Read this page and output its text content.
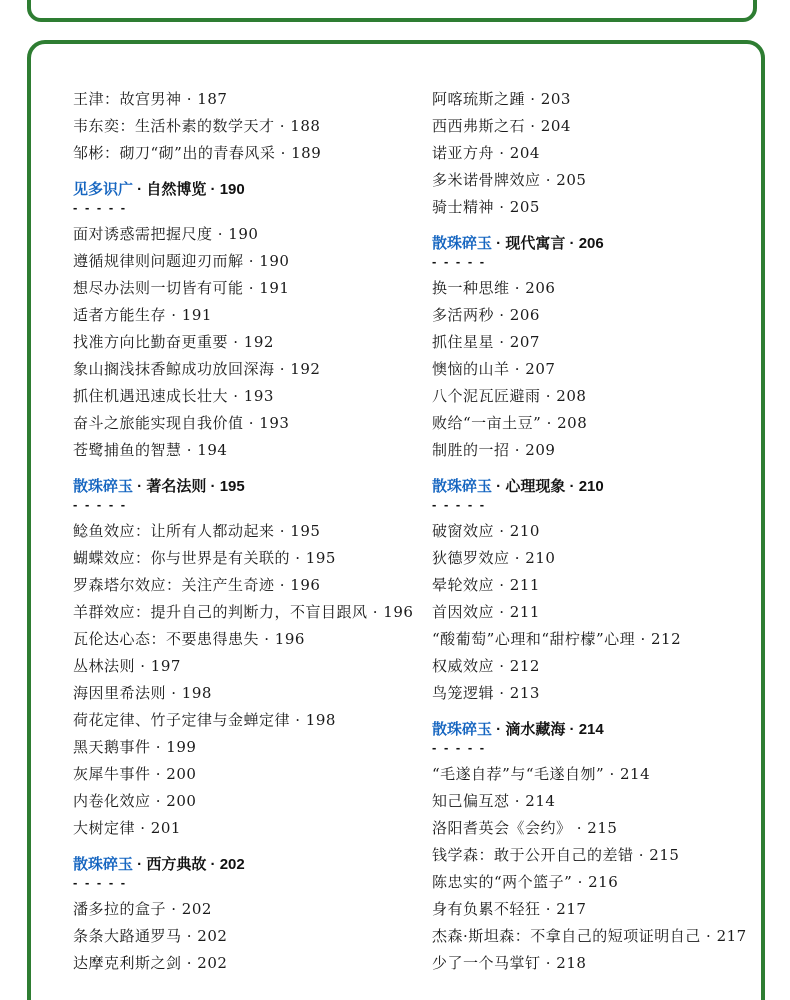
王津：故宫男神 · 187
韦东奕：生活朴素的数学天才 · 188
邹彬：砌刀“砌”出的青春风采 · 189
见多识广 · 自然博览 · 190
- - - - -
面对诱惑需把握尺度 · 190
遵循规律则问题迎刃而解 · 190
想尽办法则一切皆有可能 · 191
适者方能生存 · 191
找准方向比勤奋更重要 · 192
象山搁浅抹香鲸成功放回深海 · 192
抓住机遇迅速成长壮大 · 193
奋斗之旅能实现自我价值 · 193
苍鹭捕鱼的智慧 · 194
散珠碎玉 · 著名法则 · 195
- - - - -
鲶鱼效应：让所有人都动起来 · 195
蝴蝶效应：你与世界是有关联的 · 195
罗森塔尔效应：关注产生奇迹 · 196
羊群效应：提升自己的判断力，不盲目跟风 · 196
瓦伦达心态：不要患得患失 · 196
丛林法则 · 197
海因里希法则 · 198
荷花定律、竹子定律与金蝉定律 · 198
黑天鹅事件 · 199
灰犀牛事件 · 200
内卷化效应 · 200
大树定律 · 201
散珠碎玉 · 西方典故 · 202
- - - - -
潘多拉的盒子 · 202
条条大路通罗马 · 202
达摩克利斯之剑 · 202
阿喀琉斯之踵 · 203
西西弗斯之石 · 204
诺亚方舟 · 204
多米诺骨牌效应 · 205
骑士精神 · 205
散珠碎玉 · 现代寓言 · 206
- - - - -
换一种思维 · 206
多活两秒 · 206
抓住星星 · 207
懊恼的山羊 · 207
八个泥瓦匠避雨 · 208
败给“一亩土豆” · 208
制胜的一招 · 209
散珠碎玉 · 心理现象 · 210
- - - - -
破窗效应 · 210
狄德罗效应 · 210
晕轮效应 · 211
首因效应 · 211
“酸葡萄”心理和“甜柠檬”心理 · 212
权威效应 · 212
鸟笼逻辑 · 213
散珠碎玉 · 滴水藏海 · 214
- - - - -
“毛遂自荐”与“毛遂自刎” · 214
知己偏互怼 · 214
洛阳耆英会《会约》 · 215
钱学森：敢于公开自己的差错 · 215
陈忠实的“两个篮子” · 216
身有负累不轻狂 · 217
杰森·斯坦森：不拿自己的短项证明自己 · 217
少了一个马掌钉 · 218
